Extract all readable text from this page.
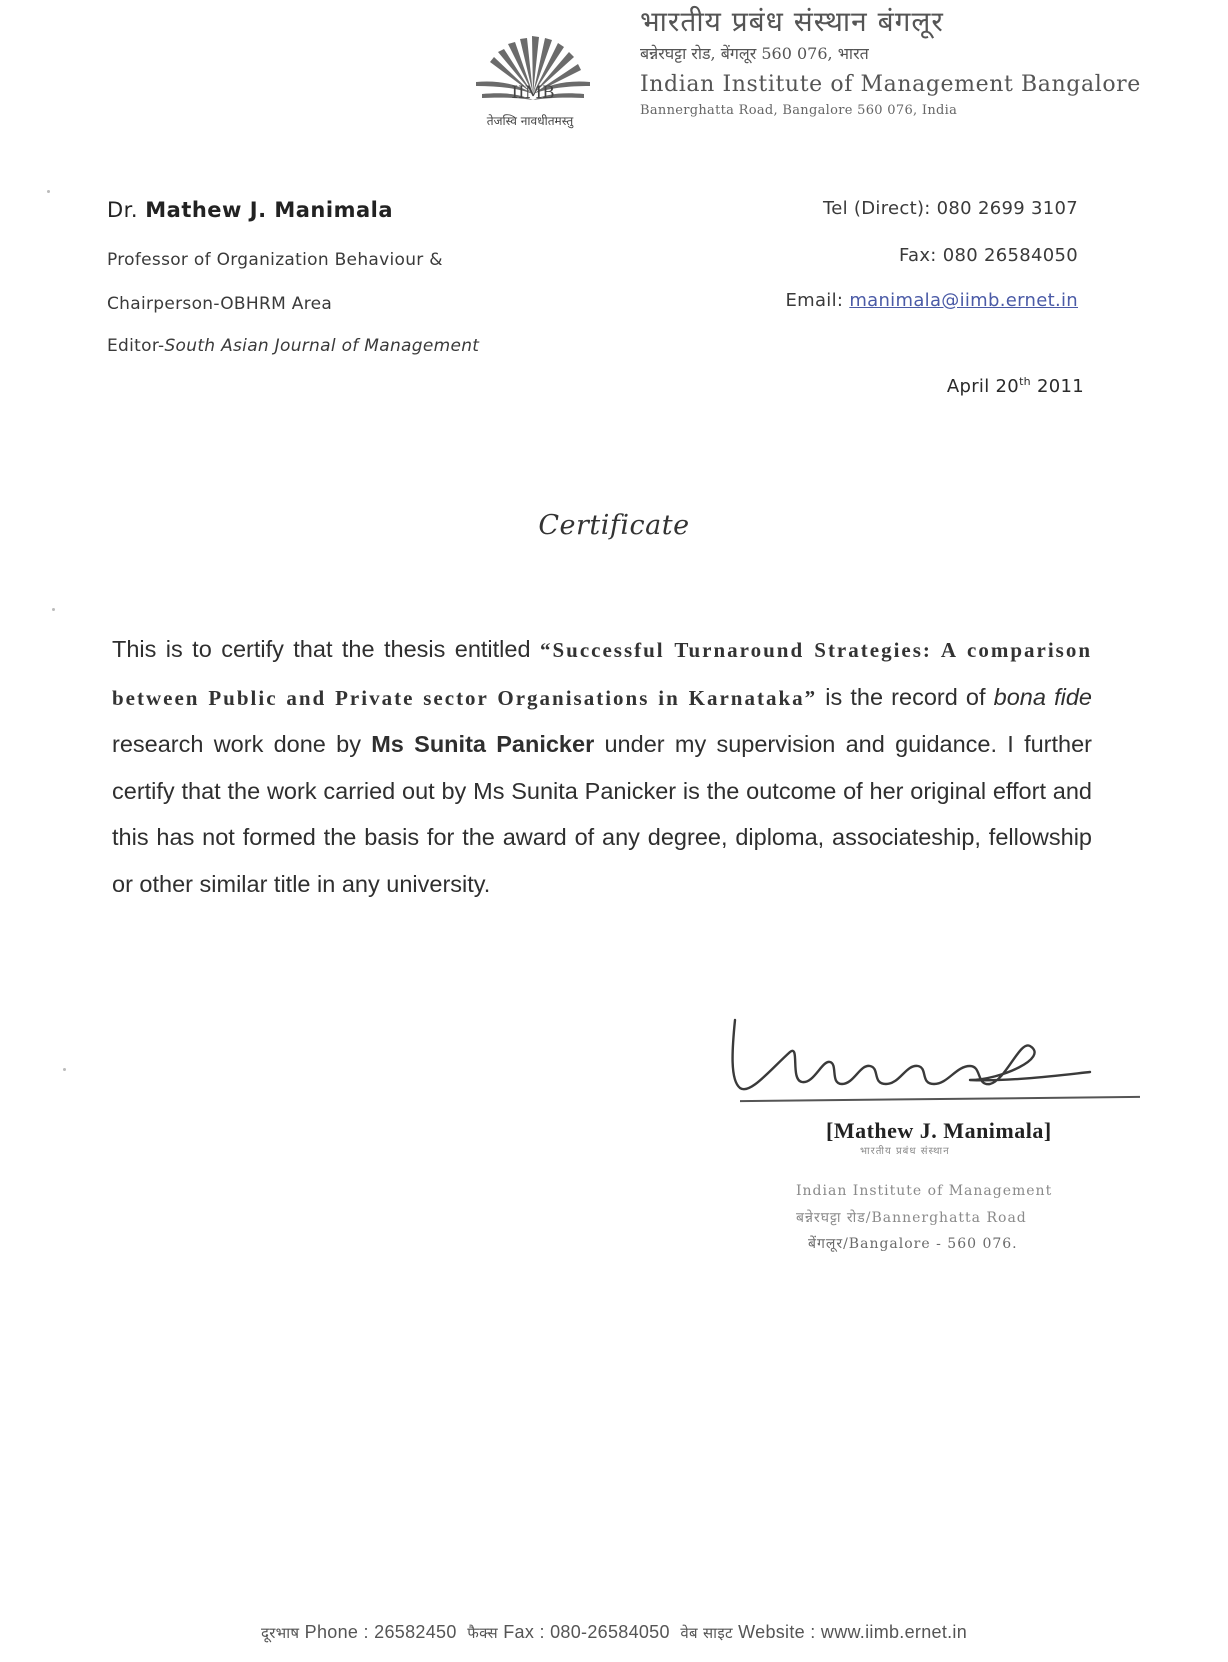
IIMB
तेजस्वि नावधीतमस्तु
भारतीय प्रबंध संस्थान बंगलूर
बन्नेरघट्टा रोड, बेंगलूर 560 076, भारत
Indian Institute of Management Bangalore
Bannerghatta Road, Bangalore 560 076, India
Dr. Mathew J. Manimala
Professor of Organization Behaviour &
Chairperson-OBHRM Area
Editor-South Asian Journal of Management
Tel (Direct): 080 2699 3107
Fax: 080 26584050
Email: manimala@iimb.ernet.in
April 20th 2011
Certificate
This is to certify that the thesis entitled “Successful Turnaround Strategies: A comparison between Public and Private sector Organisations in Karnataka” is the record of bona fide research work done by Ms Sunita Panicker under my supervision and guidance. I further certify that the work carried out by Ms Sunita Panicker is the outcome of her original effort and this has not formed the basis for the award of any degree, diploma, associateship, fellowship or other similar title in any university.
[Mathew J. Manimala]
भारतीय प्रबंध संस्थान
Indian Institute of Management
बन्नेरघट्टा रोड/Bannerghatta Road
बेंगलूर/Bangalore - 560 076.
दूरभाष Phone : 26582450 फैक्स Fax : 080-26584050 वेब साइट Website : www.iimb.ernet.in
